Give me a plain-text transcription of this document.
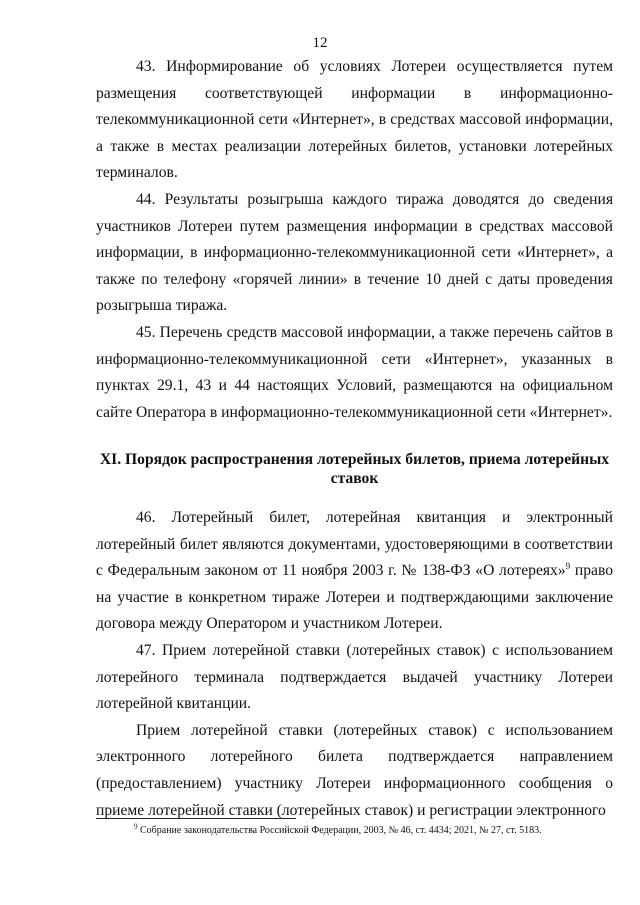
12

43. Информирование об условиях Лотереи осуществляется путем размещения соответствующей информации в информационно-телекоммуникационной сети «Интернет», в средствах массовой информации, а также в местах реализации лотерейных билетов, установки лотерейных терминалов.

44. Результаты розыгрыша каждого тиража доводятся до сведения участников Лотереи путем размещения информации в средствах массовой информации, в информационно-телекоммуникационной сети «Интернет», а также по телефону «горячей линии» в течение 10 дней с даты проведения розыгрыша тиража.

45. Перечень средств массовой информации, а также перечень сайтов в информационно-телекоммуникационной сети «Интернет», указанных в пунктах 29.1, 43 и 44 настоящих Условий, размещаются на официальном сайте Оператора в информационно-телекоммуникационной сети «Интернет».

XI. Порядок распространения лотерейных билетов, приема лотерейных ставок

46. Лотерейный билет, лотерейная квитанция и электронный лотерейный билет являются документами, удостоверяющими в соответствии с Федеральным законом от 11 ноября 2003 г. № 138-ФЗ «О лотереях»$^9$ право на участие в конкретном тираже Лотереи и подтверждающими заключение договора между Оператором и участником Лотереи.

47. Прием лотерейной ставки (лотерейных ставок) с использованием лотерейного терминала подтверждается выдачей участнику Лотереи лотерейной квитанции.

Прием лотерейной ставки (лотерейных ставок) с использованием электронного лотерейного билета подтверждается направлением (предоставлением) участнику Лотереи информационного сообщения о приеме лотерейной ставки (лотерейных ставок) и регистрации электронного

$^9$ Собрание законодательства Российской Федерации, 2003, № 46, ст. 4434; 2021, № 27, ст. 5183.
